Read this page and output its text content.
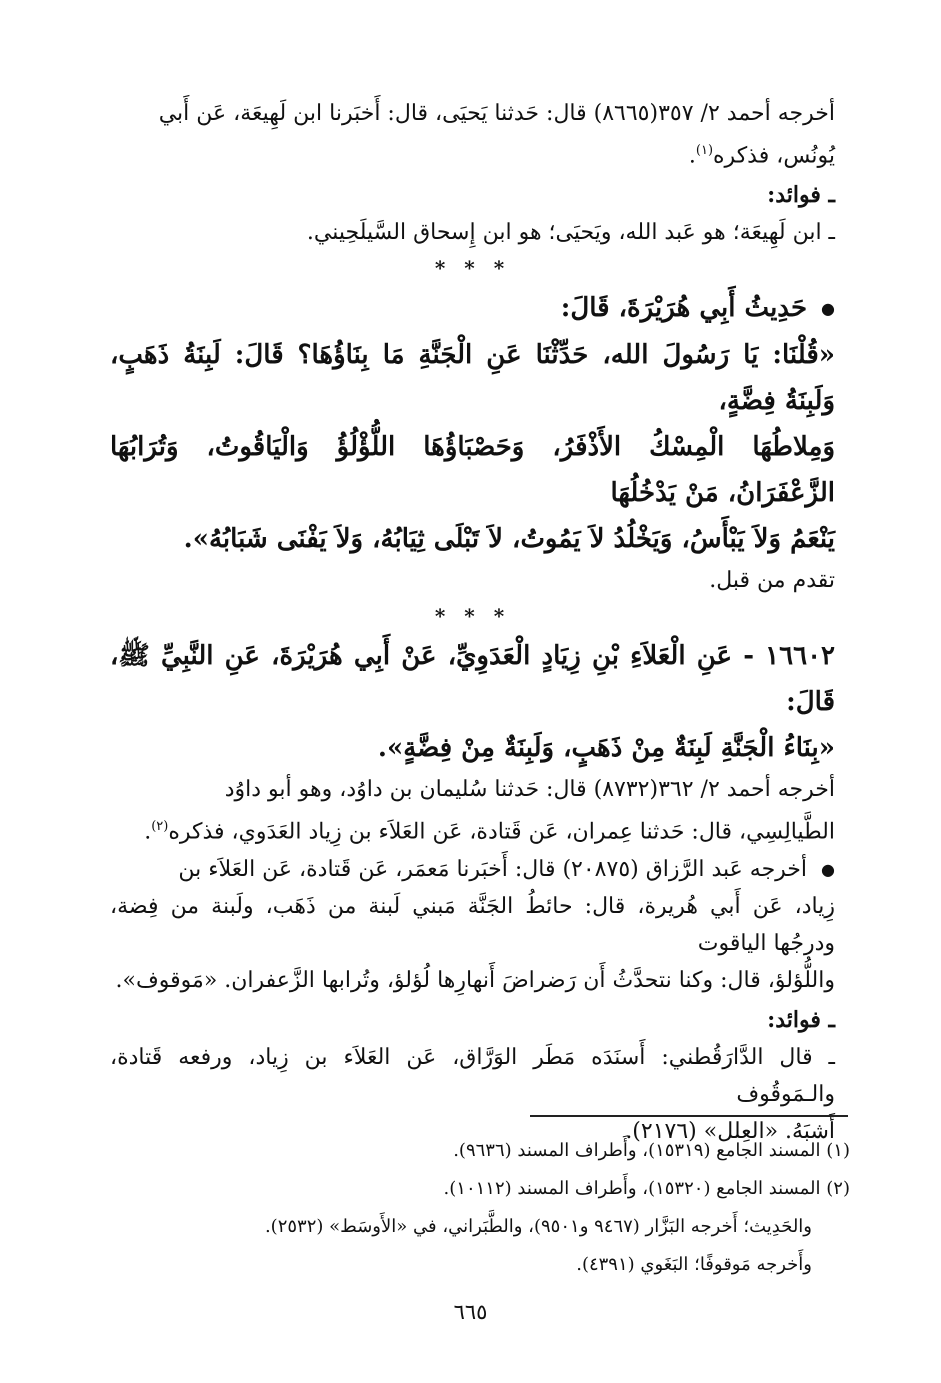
أخرجه أحمد ٢/ ٣٥٧(٨٦٦٥) قال: حَدثنا يَحيَى، قال: أَخبَرنا ابن لَهِيعَة، عَن أَبي
يُونُس، فذكره$^{(١)}$.

ـ فوائد:

ـ ابن لَهِيعَة؛ هو عَبد الله، ويَحيَى؛ هو ابن إِسحاق السَّيلَحِيني.

* * *

● حَدِيثُ أَبِي هُرَيْرَةَ، قَالَ:

«قُلْنَا: يَا رَسُولَ الله، حَدِّثْنَا عَنِ الْجَنَّةِ مَا بِنَاؤُهَا؟ قَالَ: لَبِنَةُ ذَهَبٍ، وَلَبِنَةُ فِضَّةٍ،
وَمِلاطُهَا الْمِسْكُ الأَذْفَرُ، وَحَصْبَاؤُهَا اللُّؤْلُؤُ وَالْيَاقُوتُ، وَتُرَابُهَا الزَّعْفَرَانُ، مَنْ يَدْخُلُهَا
يَنْعَمُ وَلاَ يَبْأَسُ، وَيَخْلُدُ لاَ يَمُوتُ، لاَ تَبْلَى ثِيَابُهُ، وَلاَ يَفْنَى شَبَابُهُ».

تقدم من قبل.

* * *

١٦٦٠٢ - عَنِ الْعَلاَءِ بْنِ زِيَادٍ الْعَدَوِيِّ، عَنْ أَبِي هُرَيْرَةَ، عَنِ النَّبِيِّ ﷺ، قَالَ:
«بِنَاءُ الْجَنَّةِ لَبِنَةٌ مِنْ ذَهَبٍ، وَلَبِنَةٌ مِنْ فِضَّةٍ».

أخرجه أحمد ٢/ ٣٦٢(٨٧٣٢) قال: حَدثنا سُليمان بن داوُد، وهو أبو داوُد
الطَّيالِسِي، قال: حَدثنا عِمران، عَن قَتادة، عَن العَلاَء بن زِياد العَدَوي، فذكره$^{(٢)}$.

● أخرجه عَبد الرَّزاق (٢٠٨٧٥) قال: أَخبَرنا مَعمَر، عَن قَتادة، عَن العَلاَء بن
زِياد، عَن أَبي هُريرة، قال: حائطُ الجَنَّة مَبني لَبنة من ذَهَب، ولَبنة من فِضة، ودرجُها الياقوت
واللُّؤلؤ، قال: وكنا نتحدَّثُ أَن رَضراضَ أَنهارِها لُؤلؤ، وتُرابها الزَّعفران. «مَوقوف».

ـ فوائد:

ـ قال الدَّارَقُطني: أَسنَدَه مَطَر الوَرَّاق، عَن العَلاَء بن زِياد، ورفعه قَتادة، والـمَوقُوف
أَشبَهُ. «العِلل» (٢١٧٦).

(١) المسند الجامع (١٥٣١٩)، وأَطراف المسند (٩٦٣٦).

(٢) المسند الجامع (١٥٣٢٠)، وأَطراف المسند (١٠١١٢).

والحَدِيث؛ أَخرجه البَزَّار (٩٤٦٧ و٩٥٠١)، والطَّبَراني، في «الأَوسَط» (٢٥٣٢).

وأَخرجه مَوقوفًا؛ البَغَوي (٤٣٩١).

٦٦٥
